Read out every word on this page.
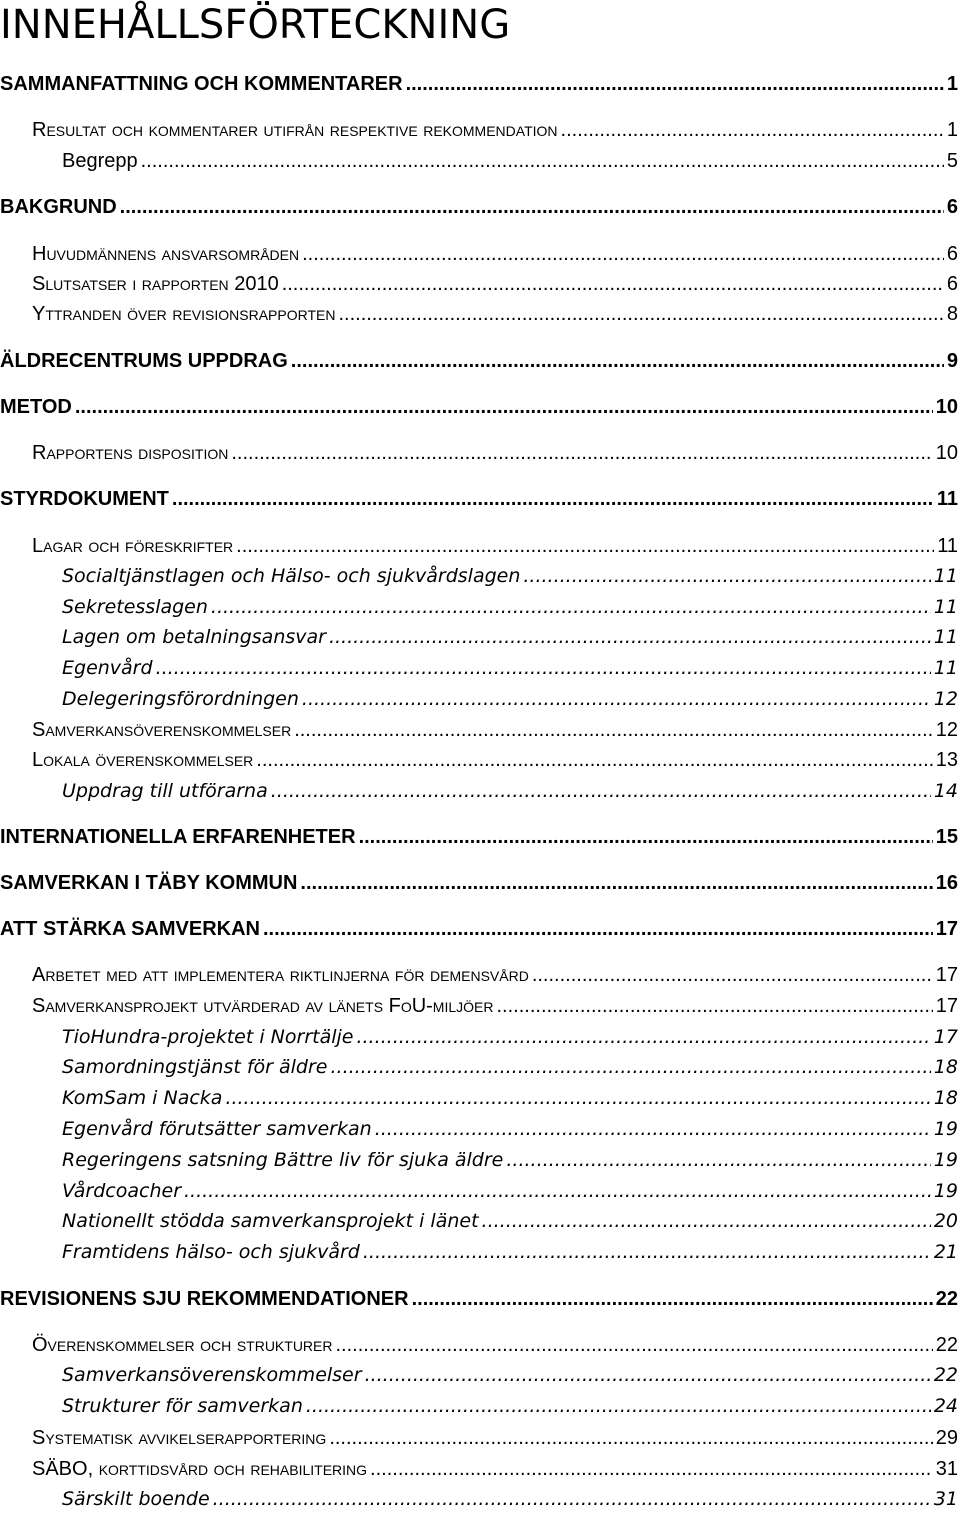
INNEHÅLLSFÖRTECKNING
SAMMANFATTNING OCH KOMMENTARER .....	1
Resultat och kommentarer utifrån respektive rekommendation .....	1
Begrepp .....	5
BAKGRUND .....	6
Huvudmännens ansvarsområden .....	6
Slutsatser i rapporten 2010 .....	6
Yttranden över revisionsrapporten .....	8
ÄLDRECENTRUMS UPPDRAG .....	9
METOD .....	10
Rapportens disposition .....	10
STYRDOKUMENT .....	11
Lagar och föreskrifter .....	11
Socialtjänstlagen och Hälso- och sjukvårdslagen .....	11
Sekretesslagen .....	11
Lagen om betalningsansvar .....	11
Egenvård .....	11
Delegeringsförordningen .....	12
Samverkansöverenskommelser .....	12
Lokala överenskommelser .....	13
Uppdrag till utförarna .....	14
INTERNATIONELLA ERFARENHETER .....	15
SAMVERKAN I TÄBY KOMMUN .....	16
ATT STÄRKA SAMVERKAN .....	17
Arbetet med att implementera riktlinjerna för demensvård .....	17
Samverkansprojekt utvärderad av länets FoU-miljöer .....	17
TioHundra-projektet i Norrtälje .....	17
Samordningstjänst för äldre .....	18
KomSam i Nacka .....	18
Egenvård förutsätter samverkan .....	19
Regeringens satsning Bättre liv för sjuka äldre .....	19
Vårdcoacher .....	19
Nationellt stödda samverkansprojekt i länet .....	20
Framtidens hälso- och sjukvård .....	21
REVISIONENS SJU REKOMMENDATIONER .....	22
Överenskommelser och strukturer .....	22
Samverkansöverenskommelser .....	22
Strukturer för samverkan .....	24
Systematisk avvikelserapportering .....	29
SÄBO, korttidsvård och rehabilitering .....	31
Särskilt boende .....	31
